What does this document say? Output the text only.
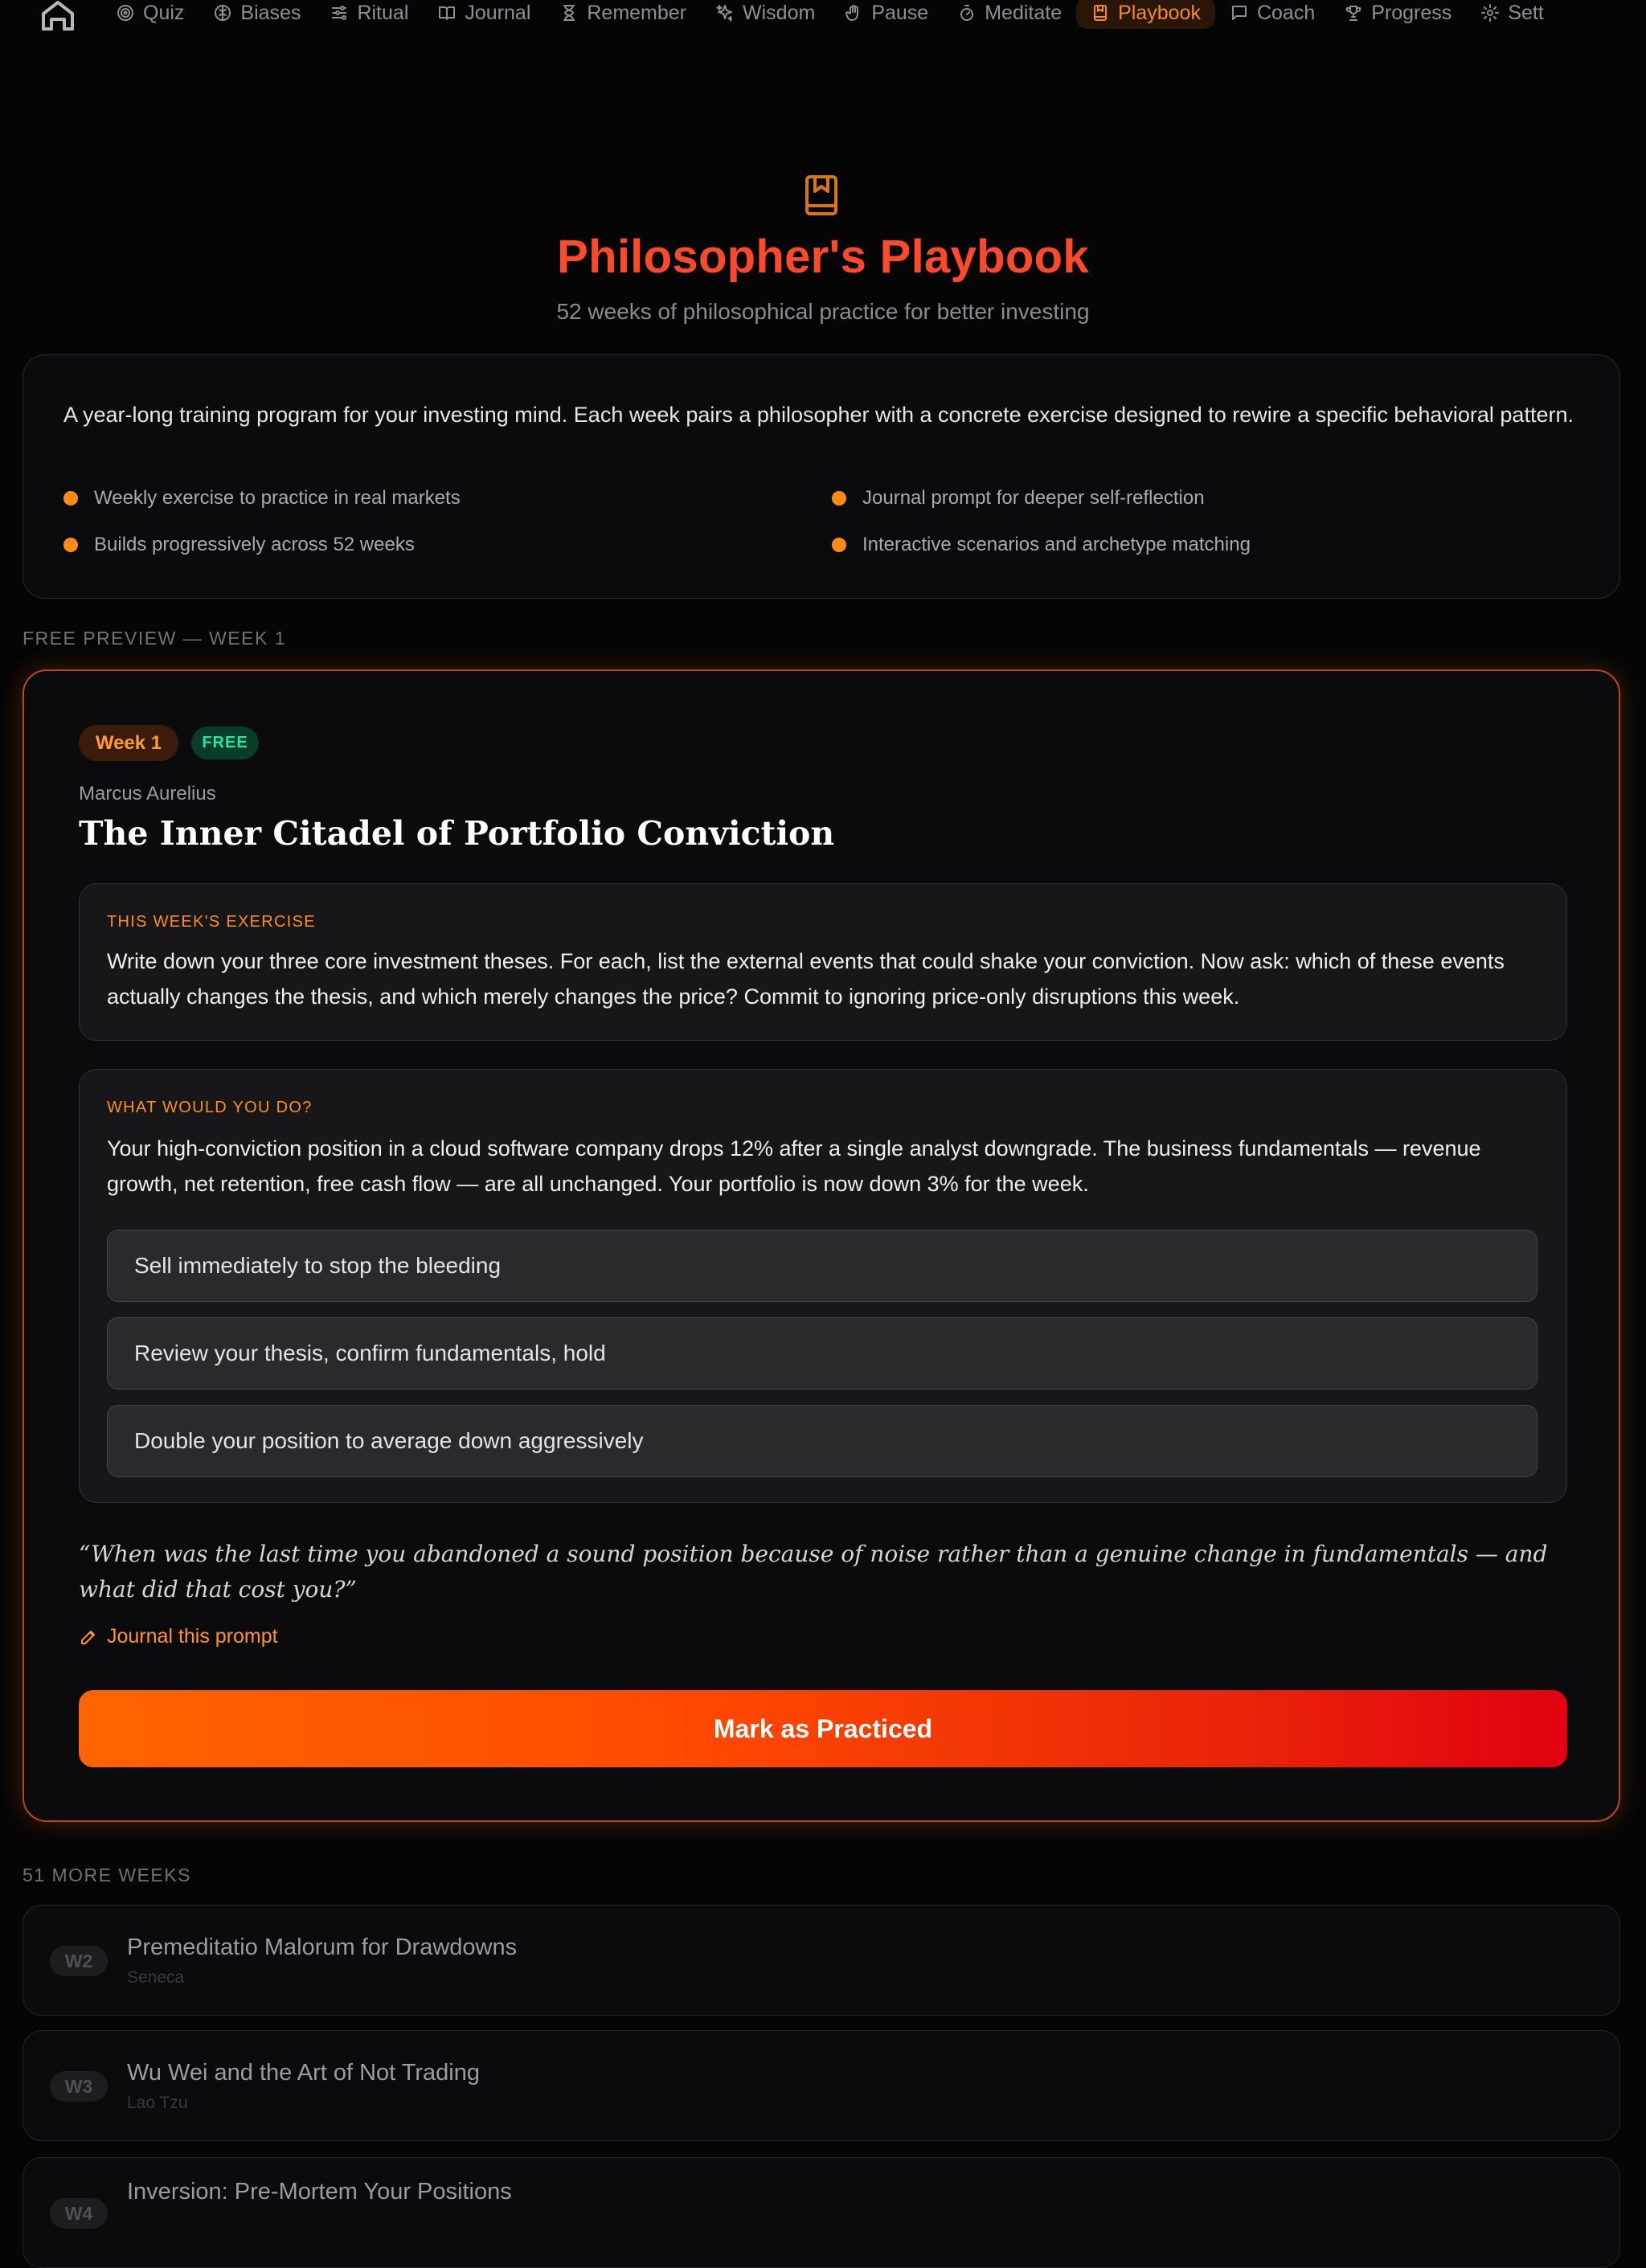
Quiz	Biases	Ritual	Journal	Remember	Wisdom	Pause	Meditate	Playbook	Coach	Progress	Sett
Philosopher's Playbook

52 weeks of philosophical practice for better investing

A year-long training program for your investing mind. Each week pairs a philosopher with a concrete exercise designed to rewire a specific behavioral pattern.

Weekly exercise to practice in real markets	Journal prompt for deeper self-reflection
Builds progressively across 52 weeks	Interactive scenarios and archetype matching
FREE PREVIEW — WEEK 1
Week 1	FREE
Marcus Aurelius
The Inner Citadel of Portfolio Conviction
THIS WEEK'S EXERCISE

Write down your three core investment theses. For each, list the external events that could shake your conviction. Now ask: which of these events actually changes the thesis, and which merely changes the price? Commit to ignoring price-only disruptions this week.

WHAT WOULD YOU DO?

Your high-conviction position in a cloud software company drops 12% after a single analyst downgrade. The business fundamentals — revenue growth, net retention, free cash flow — are all unchanged. Your portfolio is now down 3% for the week.

Sell immediately to stop the bleeding
Review your thesis, confirm fundamentals, hold
Double your position to average down aggressively

“When was the last time you abandoned a sound position because of noise rather than a genuine change in fundamentals — and what did that cost you?”

Journal this prompt
Mark as Practiced
51 MORE WEEKS
W2
Premeditatio Malorum for Drawdowns
Seneca
W3
Wu Wei and the Art of Not Trading
Lao Tzu
W4
Inversion: Pre-Mortem Your Positions
